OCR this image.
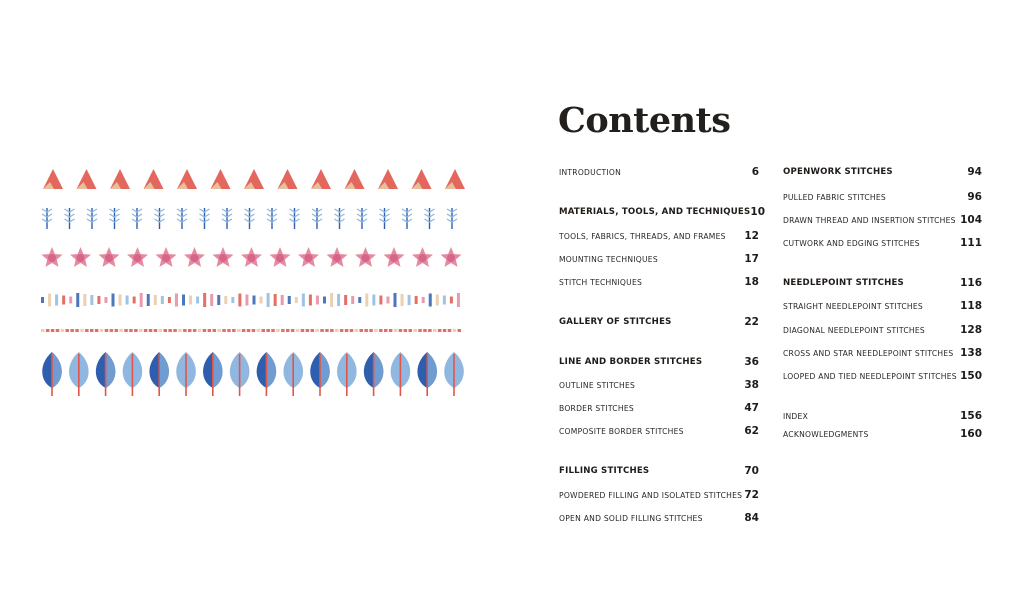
Contents
INTRODUCTION	6
MATERIALS, TOOLS, AND TECHNIQUES 10
TOOLS, FABRICS, THREADS, AND FRAMES 12
MOUNTING TECHNIQUES	17
STITCH TECHNIQUES	18
GALLERY OF STITCHES	22
LINE AND BORDER STITCHES	36
OUTLINE STITCHES	38
BORDER STITCHES	47
COMPOSITE BORDER STITCHES	62
FILLING STITCHES	70
POWDERED FILLING AND ISOLATED STITCHES 72
OPEN AND SOLID FILLING STITCHES	84
OPENWORK STITCHES	94
PULLED FABRIC STITCHES	96
DRAWN THREAD AND INSERTION STITCHES 104
CUTWORK AND EDGING STITCHES	111
NEEDLEPOINT STITCHES	116
STRAIGHT NEEDLEPOINT STITCHES	118
DIAGONAL NEEDLEPOINT STITCHES	128
CROSS AND STAR NEEDLEPOINT STITCHES 138
LOOPED AND TIED NEEDLEPOINT STITCHES 150
INDEX	156
ACKNOWLEDGMENTS	160
